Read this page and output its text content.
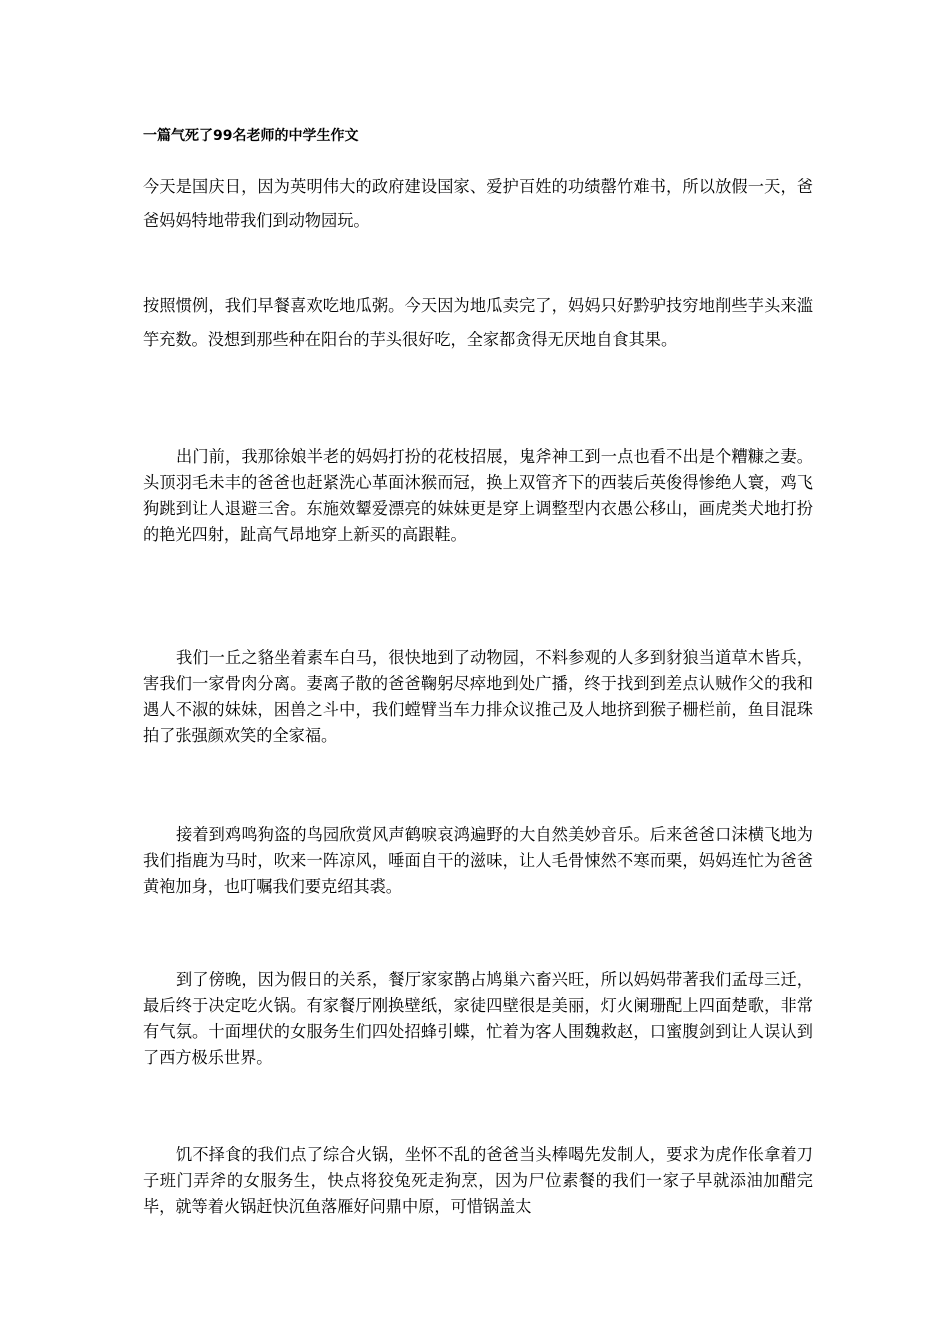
一篇气死了99名老师的中学生作文

今天是国庆日，因为英明伟大的政府建设国家、爱护百姓的功绩罄竹难书，所以放假一天，爸爸妈妈特地带我们到动物园玩。

按照惯例，我们早餐喜欢吃地瓜粥。今天因为地瓜卖完了，妈妈只好黔驴技穷地削些芋头来滥竽充数。没想到那些种在阳台的芋头很好吃，全家都贪得无厌地自食其果。

出门前，我那徐娘半老的妈妈打扮的花枝招展，鬼斧神工到一点也看不出是个糟糠之妻。头顶羽毛未丰的爸爸也赶紧洗心革面沐猴而冠，换上双管齐下的西装后英俊得惨绝人寰，鸡飞狗跳到让人退避三舍。东施效颦爱漂亮的妹妹更是穿上调整型内衣愚公移山，画虎类犬地打扮的艳光四射，趾高气昂地穿上新买的高跟鞋。

我们一丘之貉坐着素车白马，很快地到了动物园，不料参观的人多到豺狼当道草木皆兵，害我们一家骨肉分离。妻离子散的爸爸鞠躬尽瘁地到处广播，终于找到到差点认贼作父的我和遇人不淑的妹妹，困兽之斗中，我们螳臂当车力排众议推己及人地挤到猴子栅栏前，鱼目混珠拍了张强颜欢笑的全家福。

接着到鸡鸣狗盗的鸟园欣赏风声鹤唳哀鸿遍野的大自然美妙音乐。后来爸爸口沫横飞地为我们指鹿为马时，吹来一阵凉风，唾面自干的滋味，让人毛骨悚然不寒而栗，妈妈连忙为爸爸黄袍加身，也叮嘱我们要克绍其裘。

到了傍晚，因为假日的关系，餐厅家家鹊占鸠巢六畜兴旺，所以妈妈带著我们孟母三迁，最后终于决定吃火锅。有家餐厅刚换壁纸，家徒四壁很是美丽，灯火阑珊配上四面楚歌，非常有气氛。十面埋伏的女服务生们四处招蜂引蝶，忙着为客人围魏救赵，口蜜腹剑到让人误认到了西方极乐世界。

饥不择食的我们点了综合火锅，坐怀不乱的爸爸当头棒喝先发制人，要求为虎作伥拿着刀子班门弄斧的女服务生，快点将狡兔死走狗烹，因为尸位素餐的我们一家子早就添油加醋完毕，就等着火锅赶快沉鱼落雁好问鼎中原，可惜锅盖太
